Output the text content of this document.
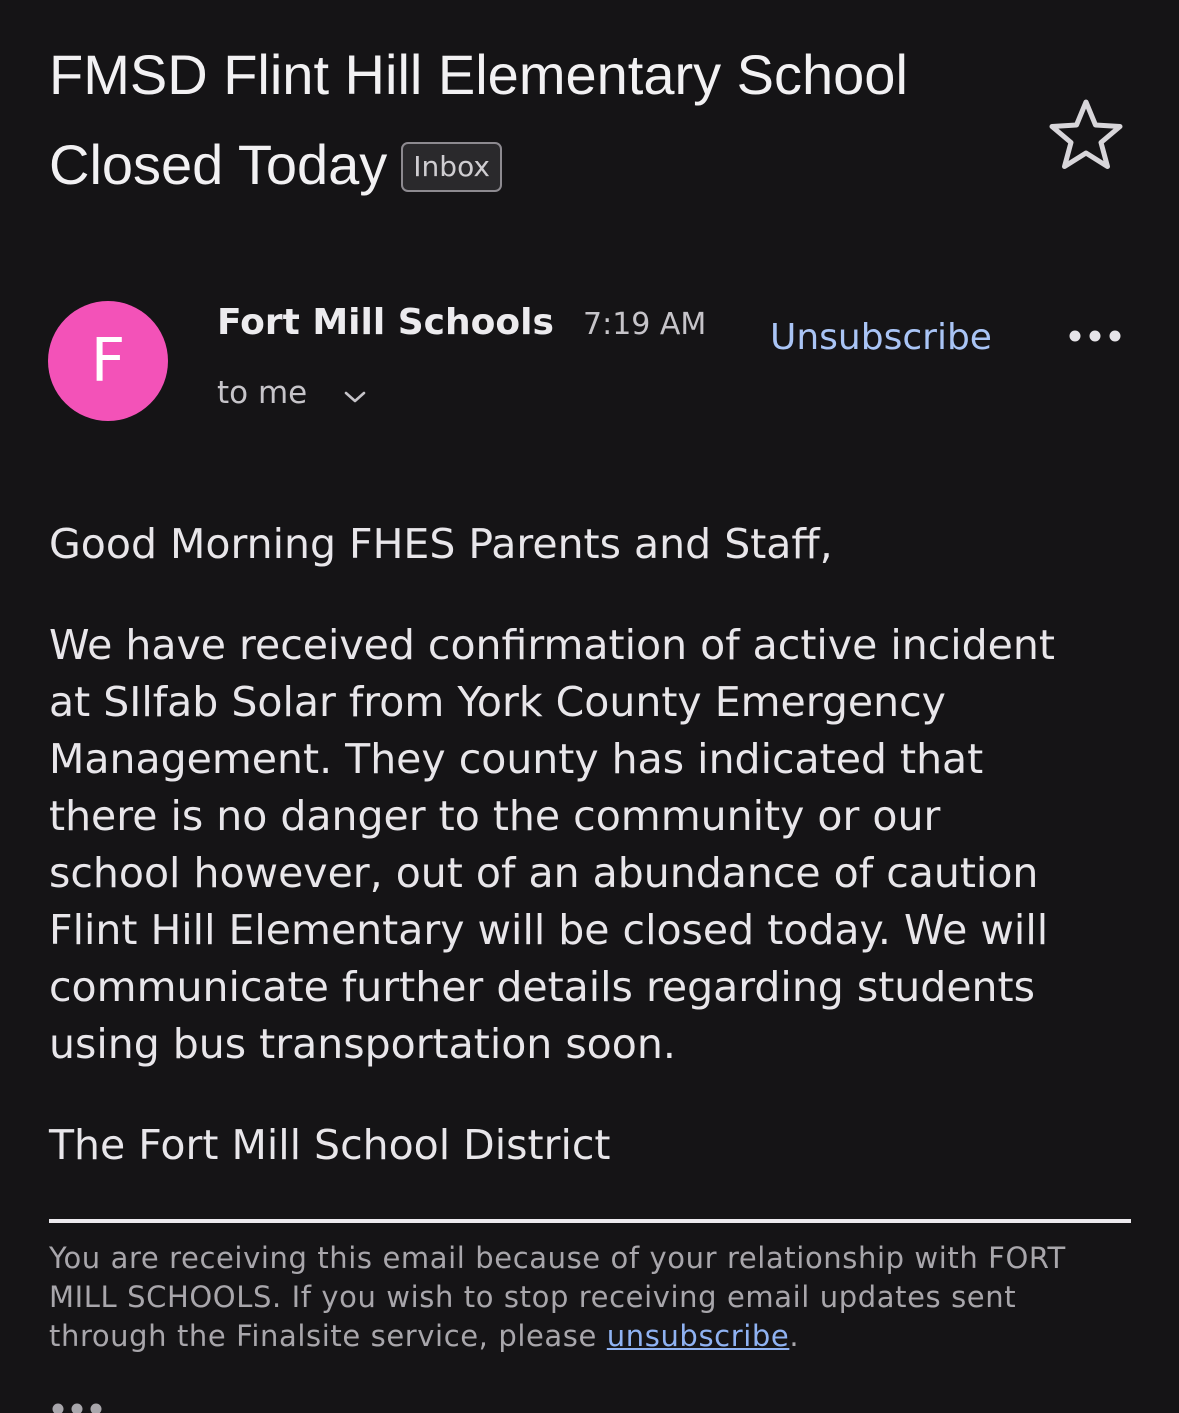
FMSD Flint Hill Elementary School Closed Today Inbox
F
Fort Mill Schools 7:19 AM Unsubscribe
to me
Good Morning FHES Parents and Staff,
We have received confirmation of active incident
at SIlfab Solar from York County Emergency
Management. They county has indicated that
there is no danger to the community or our
school however, out of an abundance of caution
Flint Hill Elementary will be closed today. We will
communicate further details regarding students
using bus transportation soon.
The Fort Mill School District
You are receiving this email because of your relationship with FORT
MILL SCHOOLS. If you wish to stop receiving email updates sent
through the Finalsite service, please unsubscribe.
